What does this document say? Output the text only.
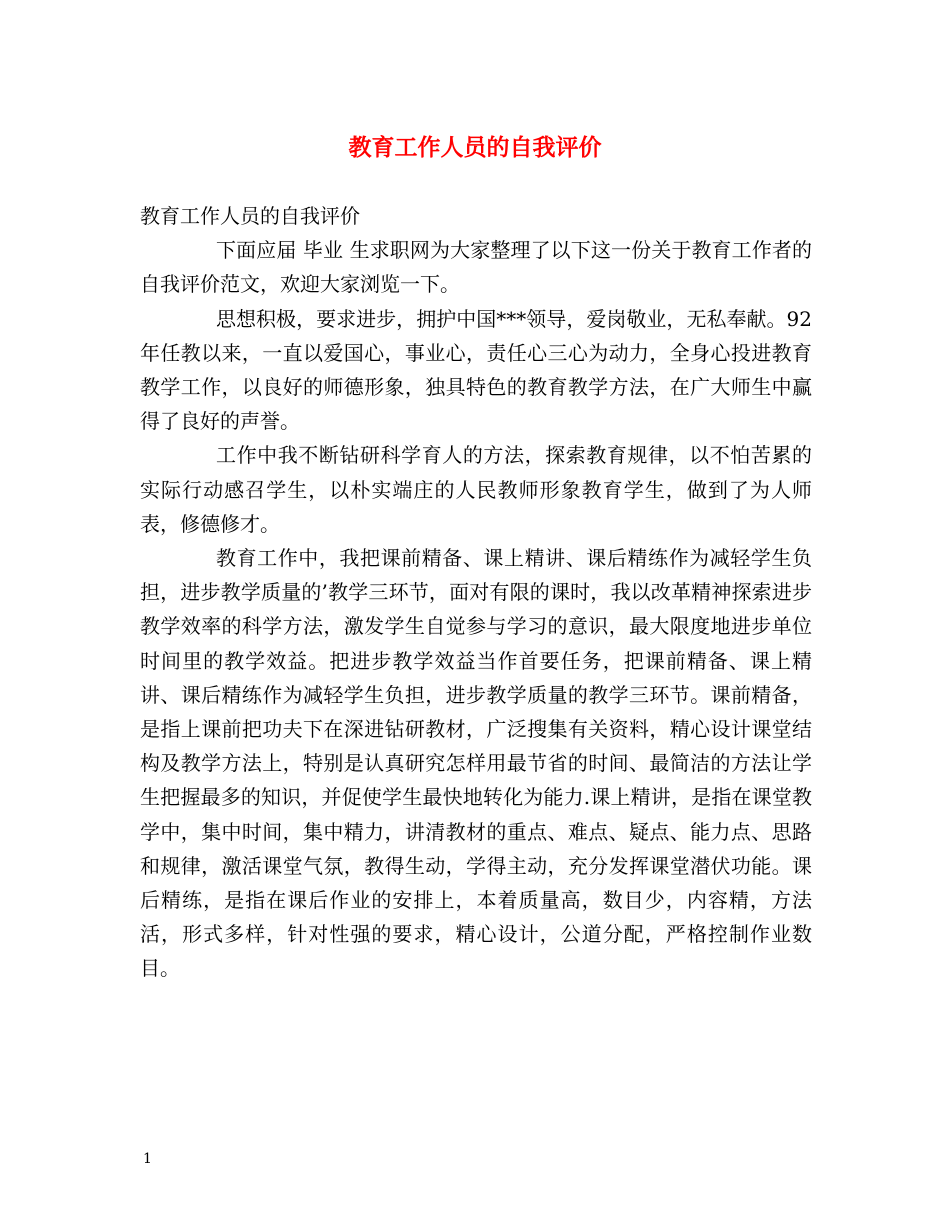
教育工作人员的自我评价

教育工作人员的自我评价

下面应届 毕业 生求职网为大家整理了以下这一份关于教育工作者的自我评价范文，欢迎大家浏览一下。

思想积极，要求进步，拥护中国***领导，爱岗敬业，无私奉献。92年任教以来，一直以爱国心，事业心，责任心三心为动力，全身心投进教育教学工作，以良好的师德形象，独具特色的教育教学方法，在广大师生中赢得了良好的声誉。

工作中我不断钻研科学育人的方法，探索教育规律，以不怕苦累的实际行动感召学生，以朴实端庄的人民教师形象教育学生，做到了为人师表，修德修才。

教育工作中，我把课前精备、课上精讲、课后精练作为减轻学生负担，进步教学质量的’教学三环节，面对有限的课时，我以改革精神探索进步教学效率的科学方法，激发学生自觉参与学习的意识，最大限度地进步单位时间里的教学效益。把进步教学效益当作首要任务，把课前精备、课上精讲、课后精练作为减轻学生负担，进步教学质量的教学三环节。课前精备，是指上课前把功夫下在深进钻研教材，广泛搜集有关资料，精心设计课堂结构及教学方法上，特别是认真研究怎样用最节省的时间、最简洁的方法让学生把握最多的知识，并促使学生最快地转化为能力.课上精讲，是指在课堂教学中，集中时间，集中精力，讲清教材的重点、难点、疑点、能力点、思路和规律，激活课堂气氛，教得生动，学得主动，充分发挥课堂潜伏功能。课后精练，是指在课后作业的安排上，本着质量高，数目少，内容精，方法活，形式多样，针对性强的要求，精心设计，公道分配，严格控制作业数目。

1
